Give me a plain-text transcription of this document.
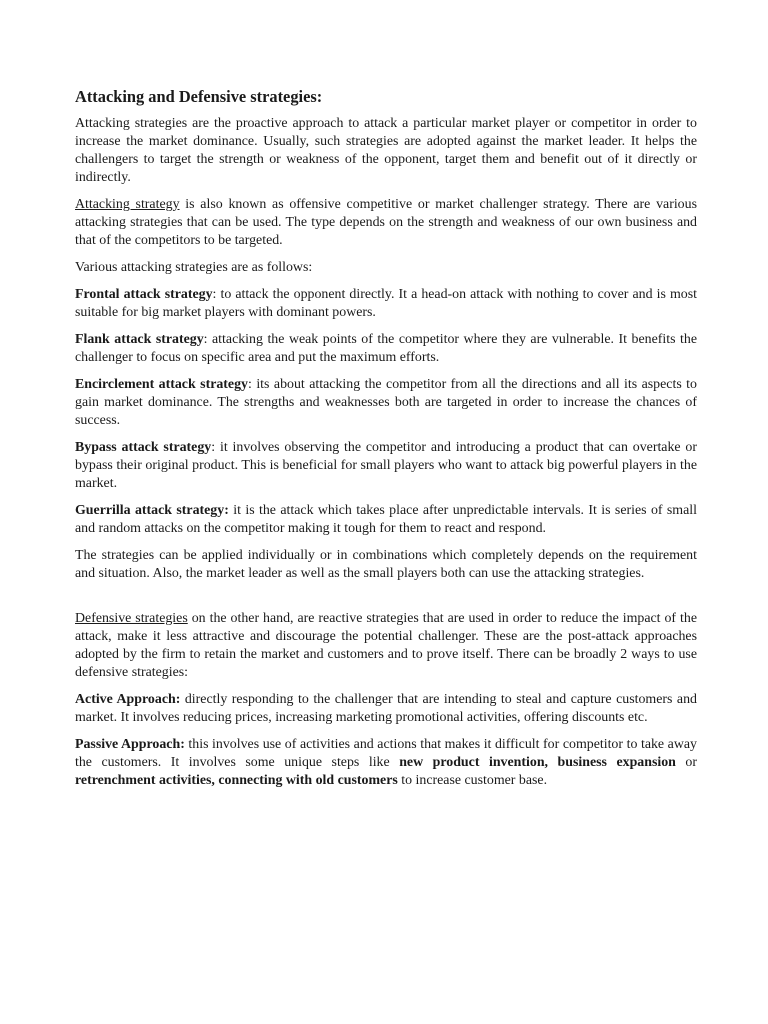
Attacking and Defensive strategies:

Attacking strategies are the proactive approach to attack a particular market player or competitor in order to increase the market dominance. Usually, such strategies are adopted against the market leader. It helps the challengers to target the strength or weakness of the opponent, target them and benefit out of it directly or indirectly.

Attacking strategy is also known as offensive competitive or market challenger strategy. There are various attacking strategies that can be used. The type depends on the strength and weakness of our own business and that of the competitors to be targeted.

Various attacking strategies are as follows:

Frontal attack strategy: to attack the opponent directly. It a head-on attack with nothing to cover and is most suitable for big market players with dominant powers.

Flank attack strategy: attacking the weak points of the competitor where they are vulnerable. It benefits the challenger to focus on specific area and put the maximum efforts.

Encirclement attack strategy: its about attacking the competitor from all the directions and all its aspects to gain market dominance. The strengths and weaknesses both are targeted in order to increase the chances of success.

Bypass attack strategy: it involves observing the competitor and introducing a product that can overtake or bypass their original product. This is beneficial for small players who want to attack big powerful players in the market.

Guerrilla attack strategy: it is the attack which takes place after unpredictable intervals. It is series of small and random attacks on the competitor making it tough for them to react and respond.

The strategies can be applied individually or in combinations which completely depends on the requirement and situation. Also, the market leader as well as the small players both can use the attacking strategies.

Defensive strategies on the other hand, are reactive strategies that are used in order to reduce the impact of the attack, make it less attractive and discourage the potential challenger. These are the post-attack approaches adopted by the firm to retain the market and customers and to prove itself. There can be broadly 2 ways to use defensive strategies:

Active Approach: directly responding to the challenger that are intending to steal and capture customers and market. It involves reducing prices, increasing marketing promotional activities, offering discounts etc.

Passive Approach: this involves use of activities and actions that makes it difficult for competitor to take away the customers. It involves some unique steps like new product invention, business expansion or retrenchment activities, connecting with old customers to increase customer base.
